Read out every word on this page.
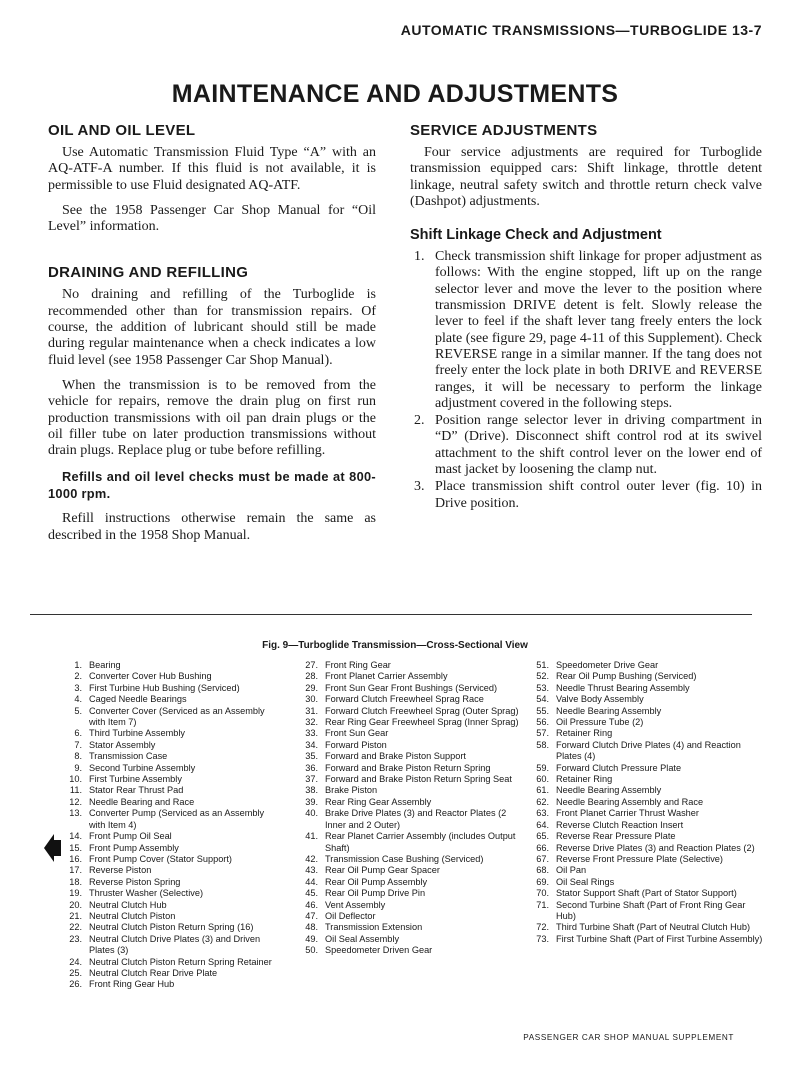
AUTOMATIC TRANSMISSIONS—TURBOGLIDE 13-7
MAINTENANCE AND ADJUSTMENTS
OIL AND OIL LEVEL

Use Automatic Transmission Fluid Type “A” with an AQ-ATF-A number. If this fluid is not available, it is permissible to use Fluid designated AQ-ATF.

See the 1958 Passenger Car Shop Manual for “Oil Level” information.

DRAINING AND REFILLING

No draining and refilling of the Turboglide is recommended other than for transmission repairs. Of course, the addition of lubricant should still be made during regular maintenance when a check indicates a low fluid level (see 1958 Passenger Car Shop Manual).

When the transmission is to be removed from the vehicle for repairs, remove the drain plug on first run production transmissions with oil pan drain plugs or the oil filler tube on later production transmissions without drain plugs. Replace plug or tube before refilling.

Refills and oil level checks must be made at 800-1000 rpm.

Refill instructions otherwise remain the same as described in the 1958 Shop Manual.

SERVICE ADJUSTMENTS

Four service adjustments are required for Turboglide transmission equipped cars: Shift linkage, throttle detent linkage, neutral safety switch and throttle return check valve (Dashpot) adjustments.

Shift Linkage Check and Adjustment
1. Check transmission shift linkage for proper adjustment as follows: With the engine stopped, lift up on the range selector lever and move the lever to the position where transmission DRIVE detent is felt. Slowly release the lever to feel if the shaft lever tang freely enters the lock plate (see figure 29, page 4-11 of this Supplement). Check REVERSE range in a similar manner. If the tang does not freely enter the lock plate in both DRIVE and REVERSE ranges, it will be necessary to perform the linkage adjustment covered in the following steps.
2. Position range selector lever in driving compartment in “D” (Drive). Disconnect shift control rod at its swivel attachment to the shift control lever on the lower end of mast jacket by loosening the clamp nut.
3. Place transmission shift control outer lever (fig. 10) in Drive position.
Fig. 9—Turboglide Transmission—Cross-Sectional View
1. Bearing
2. Converter Cover Hub Bushing
3. First Turbine Hub Bushing (Serviced)
4. Caged Needle Bearings
5. Converter Cover (Serviced as an Assembly with Item 7)
6. Third Turbine Assembly
7. Stator Assembly
8. Transmission Case
9. Second Turbine Assembly
10. First Turbine Assembly
11. Stator Rear Thrust Pad
12. Needle Bearing and Race
13. Converter Pump (Serviced as an Assembly with Item 4)
14. Front Pump Oil Seal
15. Front Pump Assembly
16. Front Pump Cover (Stator Support)
17. Reverse Piston
18. Reverse Piston Spring
19. Thruster Washer (Selective)
20. Neutral Clutch Hub
21. Neutral Clutch Piston
22. Neutral Clutch Piston Return Spring (16)
23. Neutral Clutch Drive Plates (3) and Driven Plates (3)
24. Neutral Clutch Piston Return Spring Retainer
25. Neutral Clutch Rear Drive Plate
26. Front Ring Gear Hub
27. Front Ring Gear
28. Front Planet Carrier Assembly
29. Front Sun Gear Front Bushings (Serviced)
30. Forward Clutch Freewheel Sprag Race
31. Forward Clutch Freewheel Sprag (Outer Sprag)
32. Rear Ring Gear Freewheel Sprag (Inner Sprag)
33. Front Sun Gear
34. Forward Piston
35. Forward and Brake Piston Support
36. Forward and Brake Piston Return Spring
37. Forward and Brake Piston Return Spring Seat
38. Brake Piston
39. Rear Ring Gear Assembly
40. Brake Drive Plates (3) and Reactor Plates (2 Inner and 2 Outer)
41. Rear Planet Carrier Assembly (includes Output Shaft)
42. Transmission Case Bushing (Serviced)
43. Rear Oil Pump Gear Spacer
44. Rear Oil Pump Assembly
45. Rear Oil Pump Drive Pin
46. Vent Assembly
47. Oil Deflector
48. Transmission Extension
49. Oil Seal Assembly
50. Speedometer Driven Gear
51. Speedometer Drive Gear
52. Rear Oil Pump Bushing (Serviced)
53. Needle Thrust Bearing Assembly
54. Valve Body Assembly
55. Needle Bearing Assembly
56. Oil Pressure Tube (2)
57. Retainer Ring
58. Forward Clutch Drive Plates (4) and Reaction Plates (4)
59. Forward Clutch Pressure Plate
60. Retainer Ring
61. Needle Bearing Assembly
62. Needle Bearing Assembly and Race
63. Front Planet Carrier Thrust Washer
64. Reverse Clutch Reaction Insert
65. Reverse Rear Pressure Plate
66. Reverse Drive Plates (3) and Reaction Plates (2)
67. Reverse Front Pressure Plate (Selective)
68. Oil Pan
69. Oil Seal Rings
70. Stator Support Shaft (Part of Stator Support)
71. Second Turbine Shaft (Part of Front Ring Gear Hub)
72. Third Turbine Shaft (Part of Neutral Clutch Hub)
73. First Turbine Shaft (Part of First Turbine Assembly)
PASSENGER CAR SHOP MANUAL SUPPLEMENT
